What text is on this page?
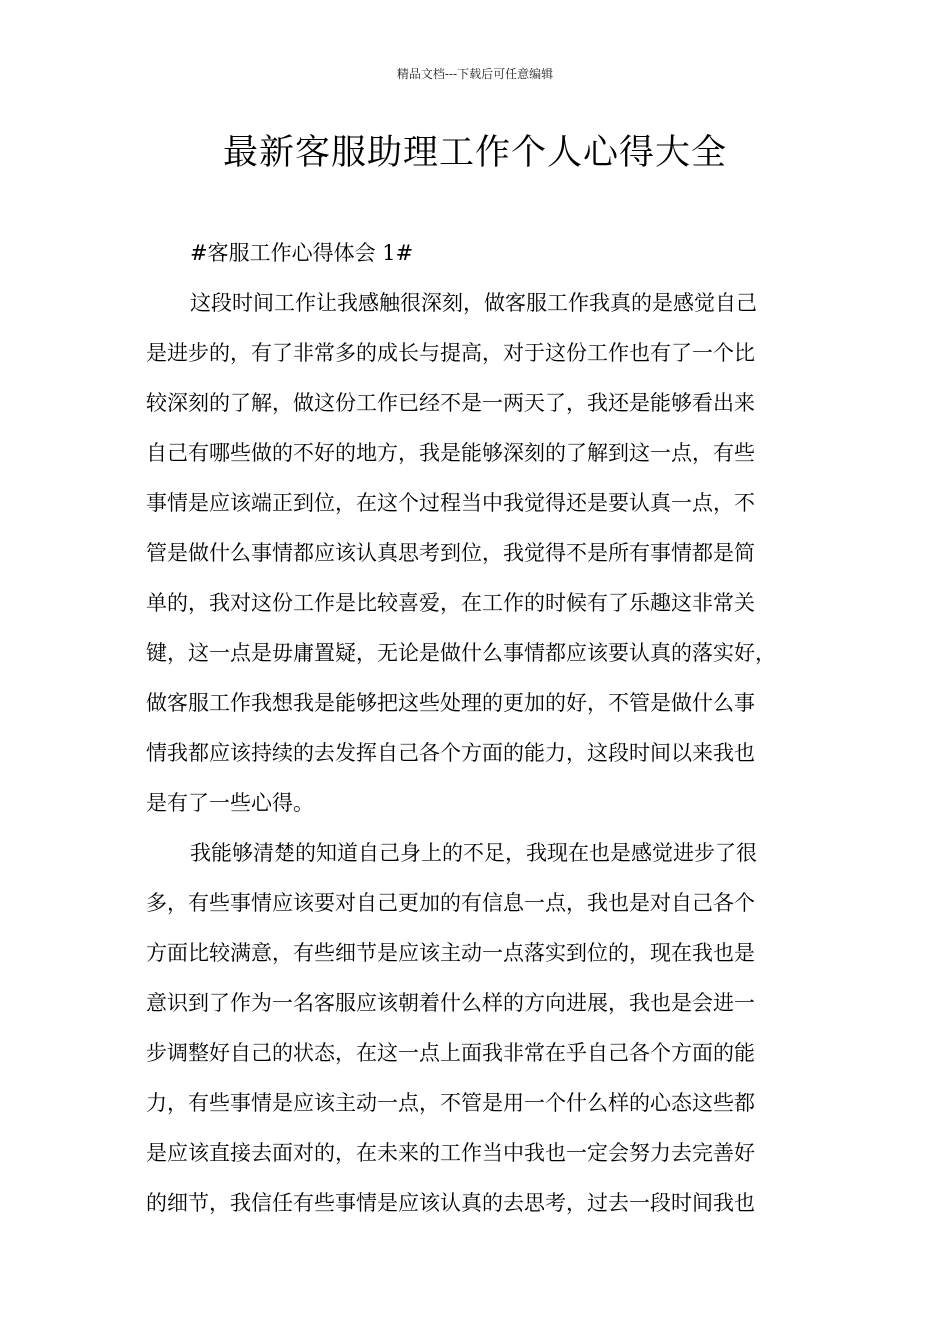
精品文档---下载后可任意编辑
最新客服助理工作个人心得大全

#客服工作心得体会 1#

这段时间工作让我感触很深刻，做客服工作我真的是感觉自己
是进步的，有了非常多的成长与提高，对于这份工作也有了一个比
较深刻的了解，做这份工作已经不是一两天了，我还是能够看出来
自己有哪些做的不好的地方，我是能够深刻的了解到这一点，有些
事情是应该端正到位，在这个过程当中我觉得还是要认真一点，不
管是做什么事情都应该认真思考到位，我觉得不是所有事情都是简
单的，我对这份工作是比较喜爱，在工作的时候有了乐趣这非常关
键，这一点是毋庸置疑，无论是做什么事情都应该要认真的落实好，
做客服工作我想我是能够把这些处理的更加的好，不管是做什么事
情我都应该持续的去发挥自己各个方面的能力，这段时间以来我也
是有了一些心得。
我能够清楚的知道自己身上的不足，我现在也是感觉进步了很
多，有些事情应该要对自己更加的有信息一点，我也是对自己各个
方面比较满意，有些细节是应该主动一点落实到位的，现在我也是
意识到了作为一名客服应该朝着什么样的方向进展，我也是会进一
步调整好自己的状态，在这一点上面我非常在乎自己各个方面的能
力，有些事情是应该主动一点，不管是用一个什么样的心态这些都
是应该直接去面对的，在未来的工作当中我也一定会努力去完善好
的细节，我信任有些事情是应该认真的去思考，过去一段时间我也
